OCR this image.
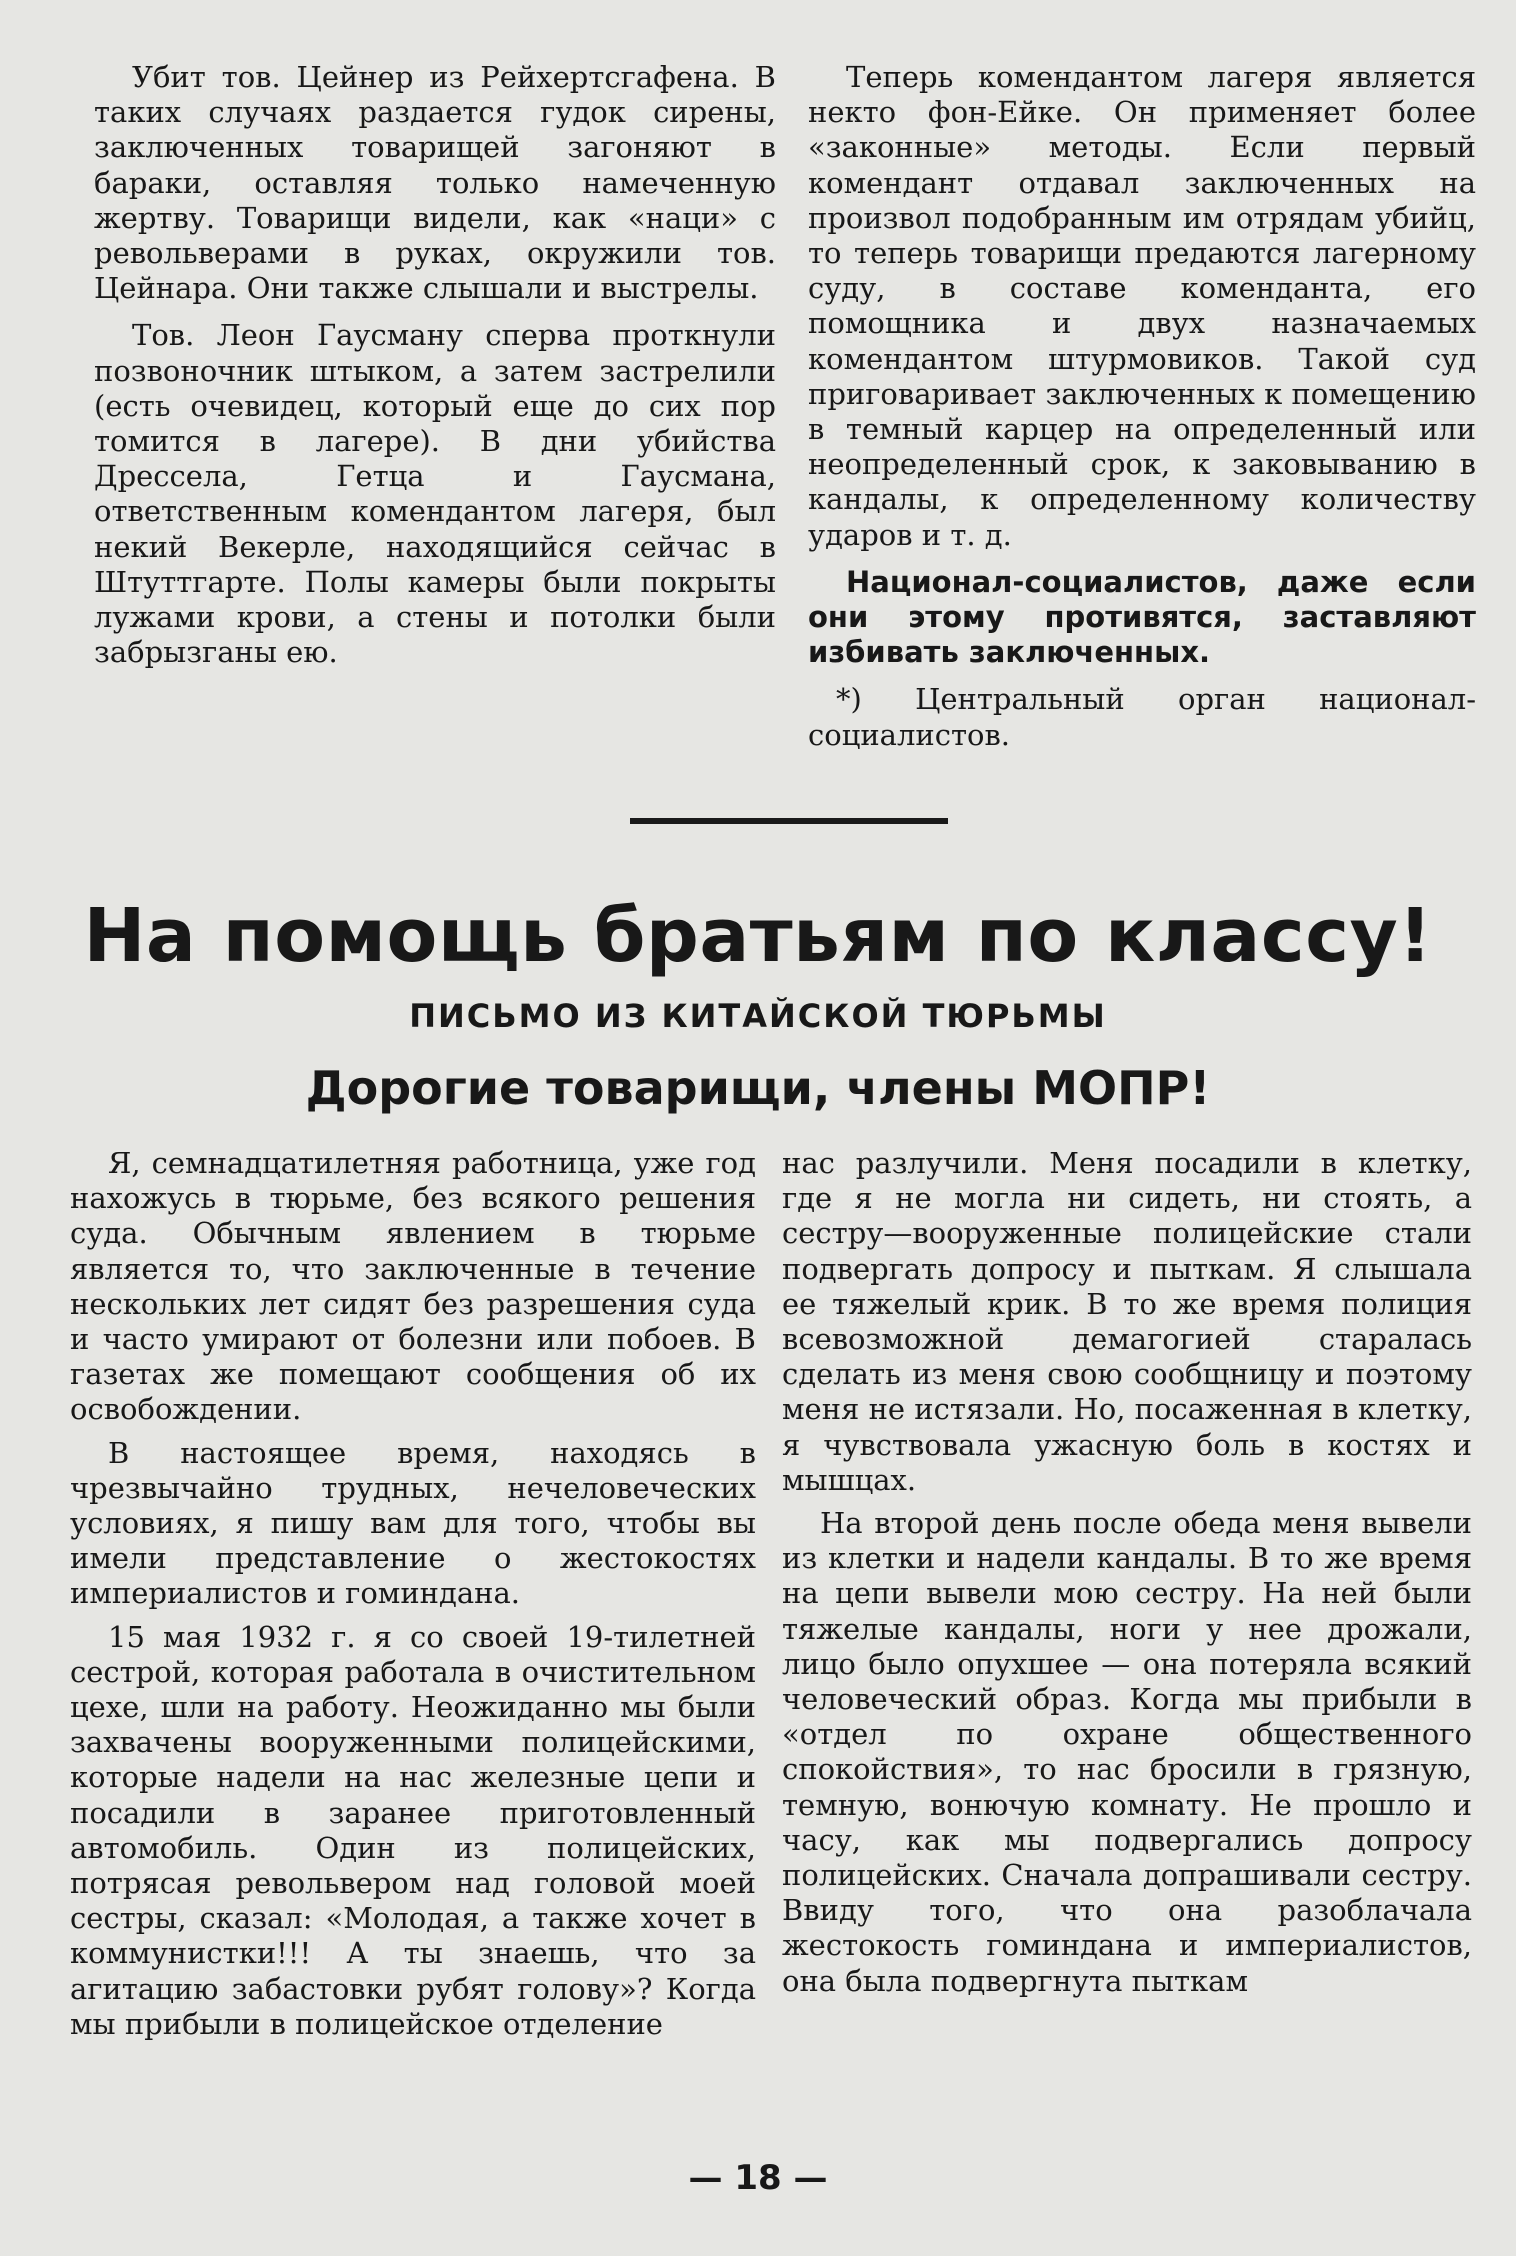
Убит тов. Цейнер из Рейхертсгафена. В таких случаях раздается гудок сирены, заключенных товарищей загоняют в бараки, оставляя только намеченную жертву. Товарищи видели, как «наци» с револьверами в руках, окружили тов. Цейнара. Они также слышали и выстрелы.

Тов. Леон Гаусману сперва проткнули позвоночник штыком, а затем застрелили (есть очевидец, который еще до сих пор томится в лагере). В дни убийства Дрессела, Гетца и Гаусмана, ответственным комендантом лагеря, был некий Векерле, находящийся сейчас в Штуттгарте. Полы камеры были покрыты лужами крови, а стены и потолки были забрызганы ею.

Теперь комендантом лагеря является некто фон-Ейке. Он применяет более «законные» методы. Если первый комендант отдавал заключенных на произвол подобранным им отрядам убийц, то теперь товарищи предаются лагерному суду, в составе коменданта, его помощника и двух назначаемых комендантом штурмовиков. Такой суд приговаривает заключенных к помещению в темный карцер на определенный или неопределенный срок, к заковыванию в кандалы, к определенному количеству ударов и т. д.

Национал-социалистов, даже если они этому противятся, заставляют избивать заключенных.

*) Центральный орган национал-социалистов.

На помощь братьям по классу!
ПИСЬМО ИЗ КИТАЙСКОЙ ТЮРЬМЫ
Дорогие товарищи, члены МОПР!

Я, семнадцатилетняя работница, уже год нахожусь в тюрьме, без всякого решения суда. Обычным явлением в тюрьме является то, что заключенные в течение нескольких лет сидят без разрешения суда и часто умирают от болезни или побоев. В газетах же помещают сообщения об их освобождении.

В настоящее время, находясь в чрезвычайно трудных, нечеловеческих условиях, я пишу вам для того, чтобы вы имели представление о жестокостях империалистов и гоминдана.

15 мая 1932 г. я со своей 19-тилетней сестрой, которая работала в очистительном цехе, шли на работу. Неожиданно мы были захвачены вооруженными полицейскими, которые надели на нас железные цепи и посадили в заранее приготовленный автомобиль. Один из полицейских, потрясая револьвером над головой моей сестры, сказал: «Молодая, а также хочет в коммунистки!!! А ты знаешь, что за агитацию забастовки рубят голову»? Когда мы прибыли в полицейское отделение

нас разлучили. Меня посадили в клетку, где я не могла ни сидеть, ни стоять, а сестру—вооруженные полицейские стали подвергать допросу и пыткам. Я слышала ее тяжелый крик. В то же время полиция всевозможной демагогией старалась сделать из меня свою сообщницу и поэтому меня не истязали. Но, посаженная в клетку, я чувствовала ужасную боль в костях и мышцах.

На второй день после обеда меня вывели из клетки и надели кандалы. В то же время на цепи вывели мою сестру. На ней были тяжелые кандалы, ноги у нее дрожали, лицо было опухшее — она потеряла всякий человеческий образ. Когда мы прибыли в «отдел по охране общественного спокойствия», то нас бросили в грязную, темную, вонючую комнату. Не прошло и часу, как мы подвергались допросу полицейских. Сначала допрашивали сестру. Ввиду того, что она разоблачала жестокость гоминдана и империалистов, она была подвергнута пыткам

— 18 —
